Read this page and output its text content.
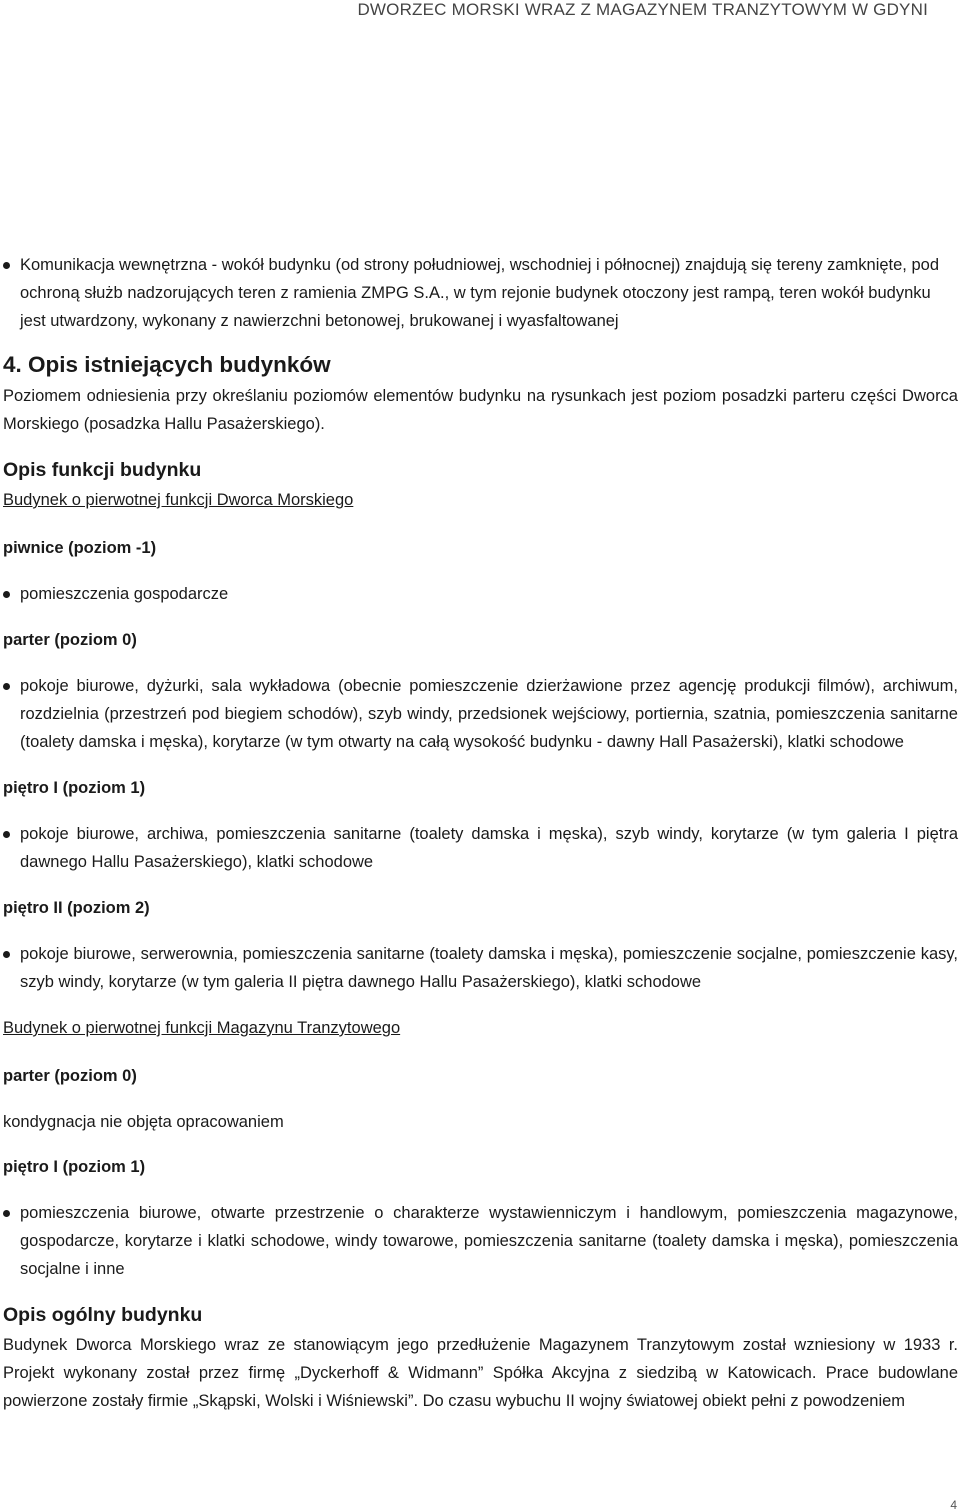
DWORZEC MORSKI WRAZ Z MAGAZYNEM TRANZYTOWYM W GDYNI

Komunikacja wewnętrzna - wokół budynku (od strony południowej, wschodniej i północnej) znajdują się tereny zamknięte, pod ochroną służb nadzorujących teren z ramienia ZMPG S.A., w tym rejonie budynek otoczony jest rampą, teren wokół budynku jest utwardzony, wykonany z nawierzchni betonowej, brukowanej i wyasfaltowanej

4. Opis istniejących budynków

Poziomem odniesienia przy określaniu poziomów elementów budynku na rysunkach jest poziom posadzki parteru części Dworca Morskiego (posadzka Hallu Pasażerskiego).

Opis funkcji budynku

Budynek o pierwotnej funkcji Dworca Morskiego

piwnice (poziom -1)

pomieszczenia gospodarcze

parter (poziom 0)

pokoje biurowe, dyżurki, sala wykładowa (obecnie pomieszczenie dzierżawione przez agencję produkcji filmów), archiwum, rozdzielnia (przestrzeń pod biegiem schodów), szyb windy, przedsionek wejściowy, portiernia, szatnia, pomieszczenia sanitarne (toalety damska i męska), korytarze (w tym otwarty na całą wysokość budynku - dawny Hall Pasażerski), klatki schodowe

piętro I (poziom 1)

pokoje biurowe, archiwa, pomieszczenia sanitarne (toalety damska i męska), szyb windy, korytarze (w tym galeria I piętra dawnego Hallu Pasażerskiego), klatki schodowe

piętro II (poziom 2)

pokoje biurowe, serwerownia, pomieszczenia sanitarne (toalety damska i męska), pomieszczenie socjalne, pomieszczenie kasy, szyb windy, korytarze (w tym galeria II piętra dawnego Hallu Pasażerskiego), klatki schodowe

Budynek o pierwotnej funkcji Magazynu Tranzytowego

parter (poziom 0)

kondygnacja nie objęta opracowaniem

piętro I (poziom 1)

pomieszczenia biurowe, otwarte przestrzenie o charakterze wystawienniczym i handlowym, pomieszczenia magazynowe, gospodarcze, korytarze i klatki schodowe, windy towarowe, pomieszczenia sanitarne (toalety damska i męska), pomieszczenia socjalne i inne

Opis ogólny budynku

Budynek Dworca Morskiego wraz ze stanowiącym jego przedłużenie Magazynem Tranzytowym został wzniesiony w 1933 r. Projekt wykonany został przez firmę „Dyckerhoff & Widmann” Spółka Akcyjna z siedzibą w Katowicach. Prace budowlane powierzone zostały firmie „Skąpski, Wolski i Wiśniewski”. Do czasu wybuchu II wojny światowej obiekt pełni z powodzeniem

4
